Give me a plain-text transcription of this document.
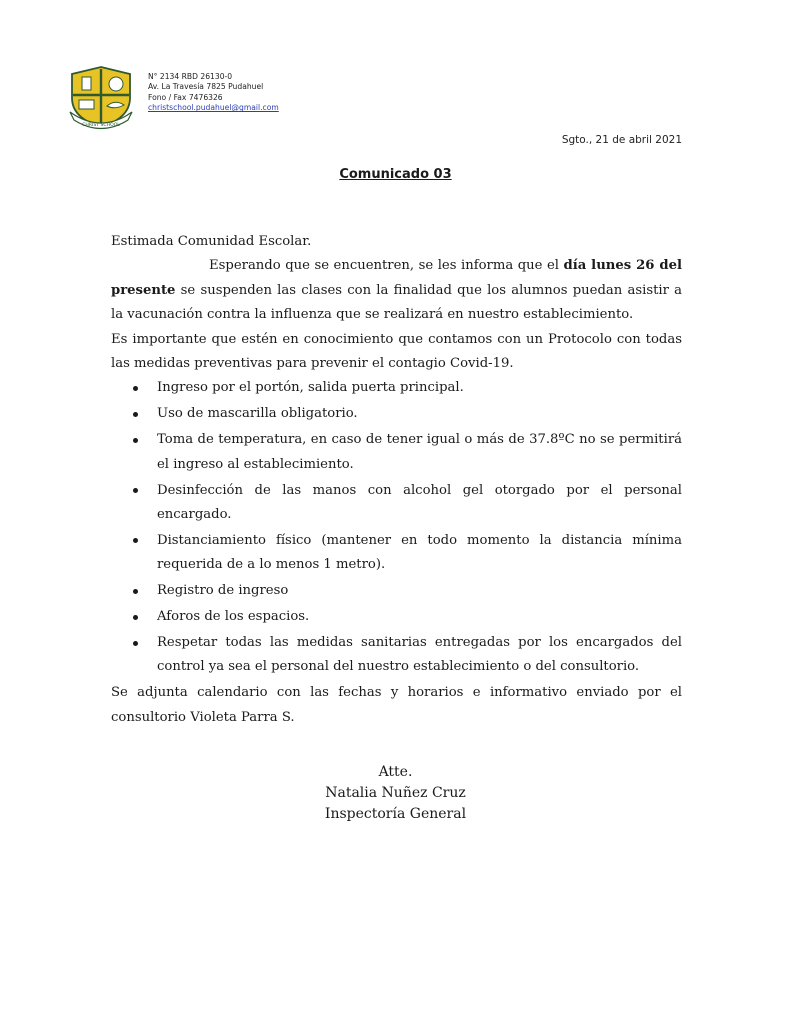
CHRIST SCHOOL
N° 2134 RBD 26130-0
Av. La Travesía 7825 Pudahuel
Fono / Fax 7476326
christschool.pudahuel@gmail.com
Sgto., 21 de abril 2021
Comunicado 03

Estimada Comunidad Escolar.

Esperando que se encuentren, se les informa que el día lunes 26 del presente se suspenden las clases con la finalidad que los alumnos puedan asistir a la vacunación contra la influenza que se realizará en nuestro establecimiento.

Es importante que estén en conocimiento que contamos con un Protocolo con todas las medidas preventivas para prevenir el contagio Covid-19.

Ingreso por el portón, salida puerta principal.
Uso de mascarilla obligatorio.
Toma de temperatura, en caso de tener igual o más de 37.8ºC no se permitirá el ingreso al establecimiento.
Desinfección de las manos con alcohol gel otorgado por el personal encargado.
Distanciamiento físico (mantener en todo momento la distancia mínima requerida de a lo menos 1 metro).
Registro de ingreso
Aforos de los espacios.
Respetar todas las medidas sanitarias entregadas por los encargados del control ya sea el personal del nuestro establecimiento o del consultorio.

Se adjunta calendario con las fechas y horarios e informativo enviado por el consultorio Violeta Parra S.

Atte.
Natalia Nuñez Cruz
Inspectoría General
